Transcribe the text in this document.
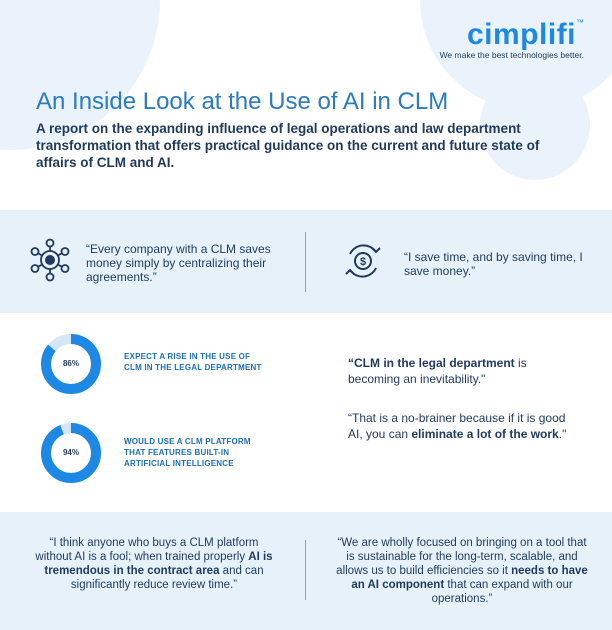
cimplifi™
We make the best technologies better.
An Inside Look at the Use of AI in CLM

A report on the expanding influence of legal operations and law department transformation that offers practical guidance on the current and future state of affairs of CLM and AI.

“Every company with a CLM saves money simply by centralizing their agreements.”

$	“I save time, and by saving time, I save money.”

86%
EXPECT A RISE IN THE USE OF
CLM IN THE LEGAL DEPARTMENT
94%
WOULD USE A CLM PLATFORM
THAT FEATURES BUILT-IN
ARTIFICIAL INTELLIGENCE

“CLM in the legal department is becoming an inevitability."

“That is a no-brainer because if it is good AI, you can eliminate a lot of the work."

“I think anyone who buys a CLM platform without AI is a fool; when trained properly AI is tremendous in the contract area and can significantly reduce review time.”

“We are wholly focused on bringing on a tool that is sustainable for the long-term, scalable, and allows us to build efficiencies so it needs to have an AI component that can expand with our operations.”
